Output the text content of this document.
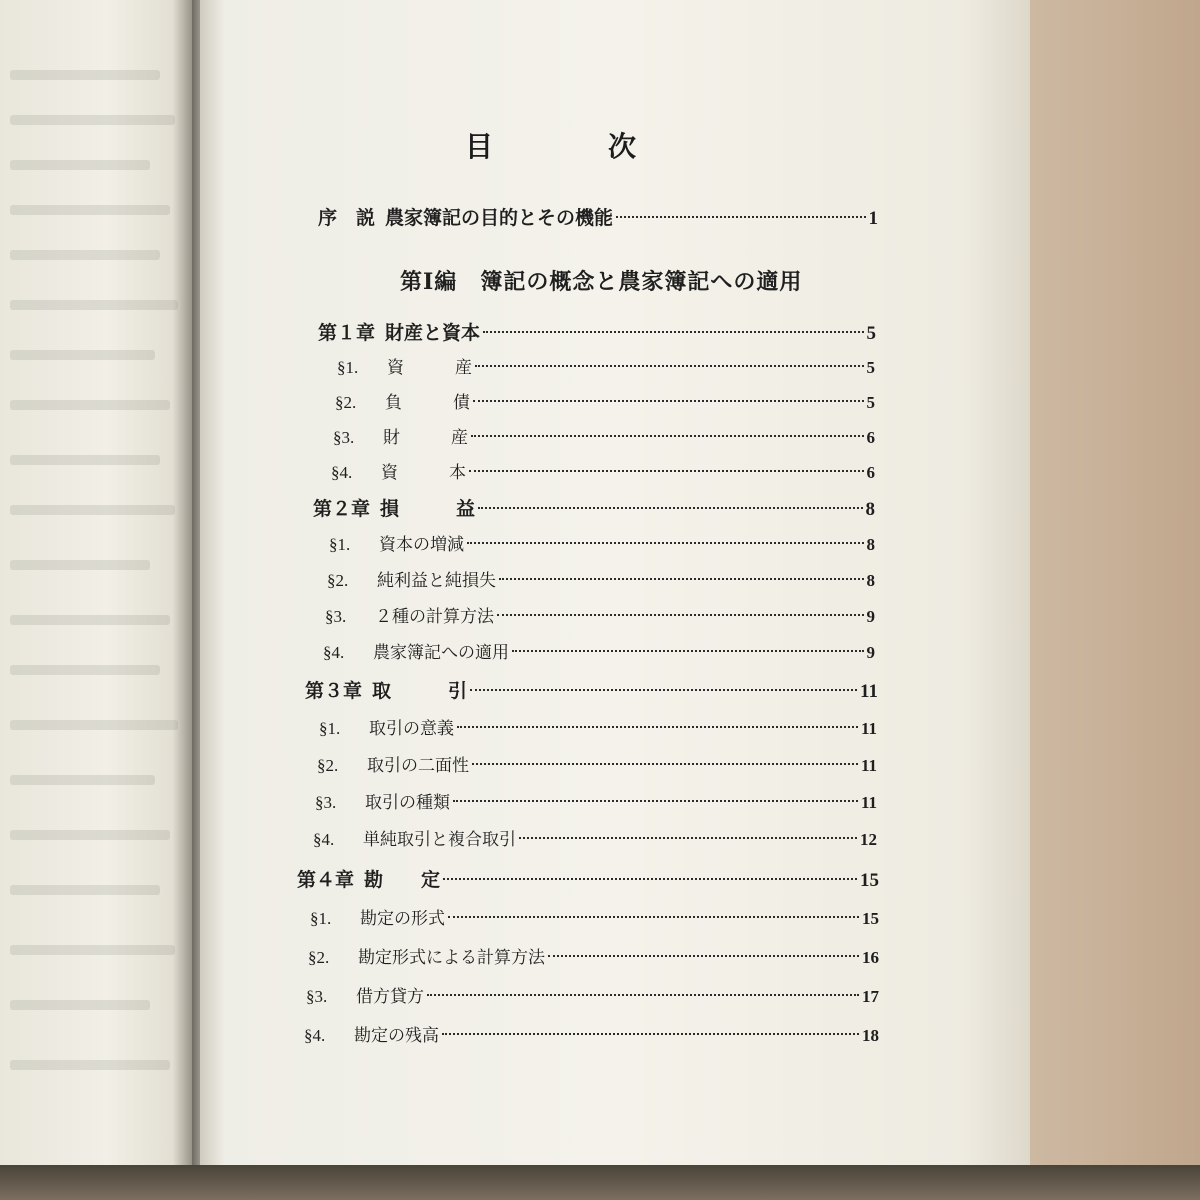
目	次
序　説 農家簿記の目的とその機能	1
第Ⅰ編　 簿記の概念と農家簿記への適用
第１章 財産と資本	5
§1.	資　　　産	5
§2.	負　　　債	5
§3.	財　　　産	6
§4.	資　　　本	6
第２章 損　　　益	8
§1.	資本の増減	8
§2.	純利益と純損失	8
§3.	２種の計算方法	9
§4.	農家簿記への適用	9
第３章 取　　　引	11
§1.	取引の意義	11
§2.	取引の二面性	11
§3.	取引の種類	11
§4.	単純取引と複合取引	12
第４章 勘　　定	15
§1.	勘定の形式	15
§2.	勘定形式による計算方法	16
§3.	借方貸方	17
§4.	勘定の残高	18
